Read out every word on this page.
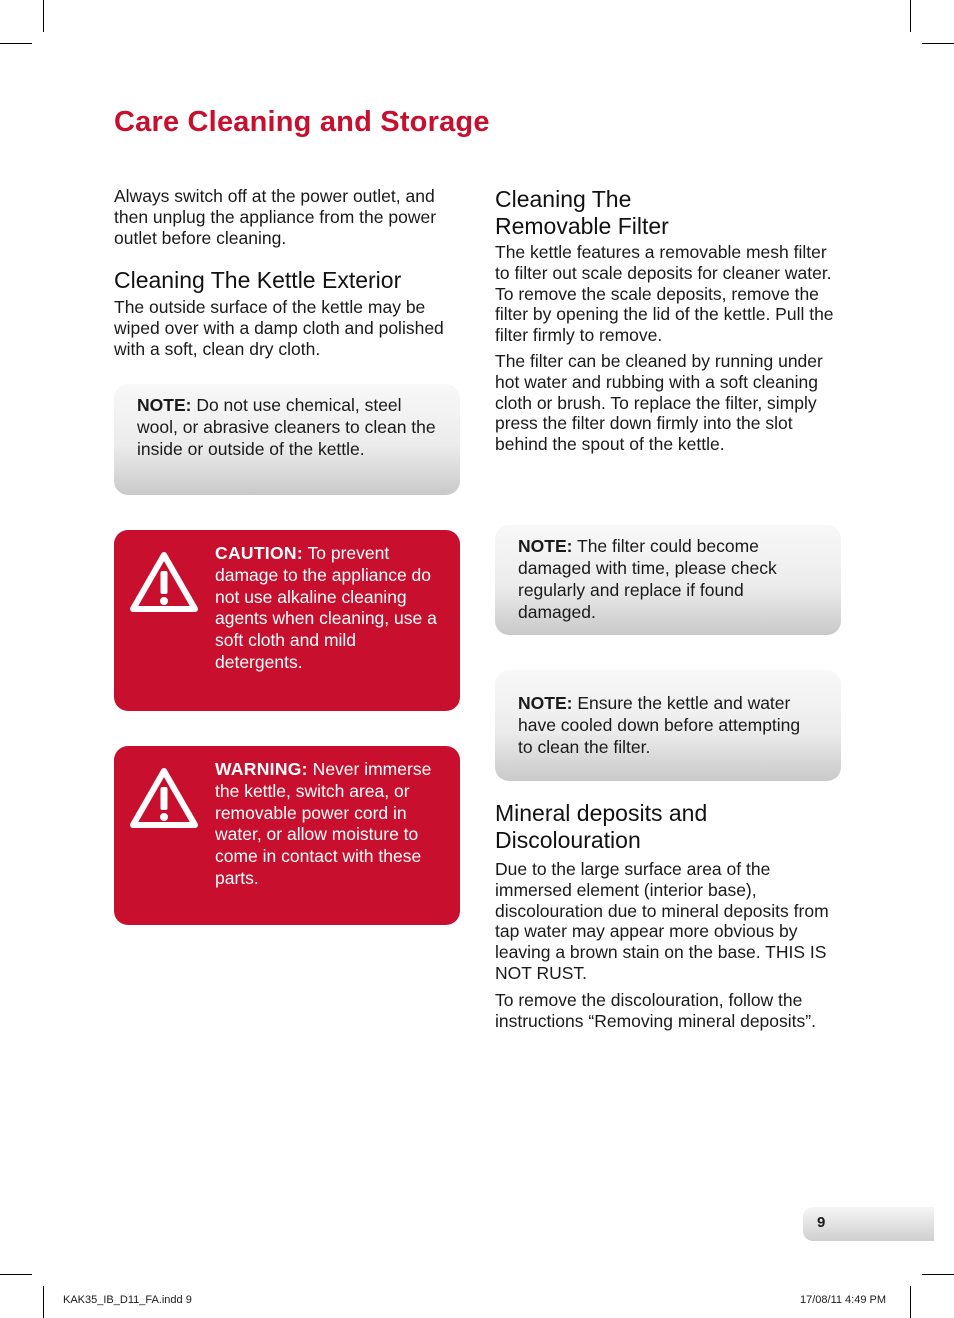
Care Cleaning and Storage

Always switch off at the power outlet, and then unplug the appliance from the power outlet before cleaning.

Cleaning The Kettle Exterior

The outside surface of the kettle may be wiped over with a damp cloth and polished with a soft, clean dry cloth.

NOTE: Do not use chemical, steel wool, or abrasive cleaners to clean the inside or outside of the kettle.
CAUTION: To prevent damage to the appliance do not use alkaline cleaning agents when cleaning, use a soft cloth and mild detergents.
WARNING: Never immerse the kettle, switch area, or removable power cord in water, or allow moisture to come in contact with these parts.
Cleaning The Removable Filter

The kettle features a removable mesh filter to filter out scale deposits for cleaner water. To remove the scale deposits, remove the filter by opening the lid of the kettle. Pull the filter firmly to remove.

The filter can be cleaned by running under hot water and rubbing with a soft cleaning cloth or brush. To replace the filter, simply press the filter down firmly into the slot behind the spout of the kettle.

NOTE: The filter could become damaged with time, please check regularly and replace if found damaged.
NOTE: Ensure the kettle and water have cooled down before attempting to clean the filter.
Mineral deposits and Discolouration

Due to the large surface area of the immersed element (interior base), discolouration due to mineral deposits from tap water may appear more obvious by leaving a brown stain on the base. THIS IS NOT RUST.

To remove the discolouration, follow the instructions “Removing mineral deposits”.

9
KAK35_IB_D11_FA.indd 9	17/08/11 4:49 PM
